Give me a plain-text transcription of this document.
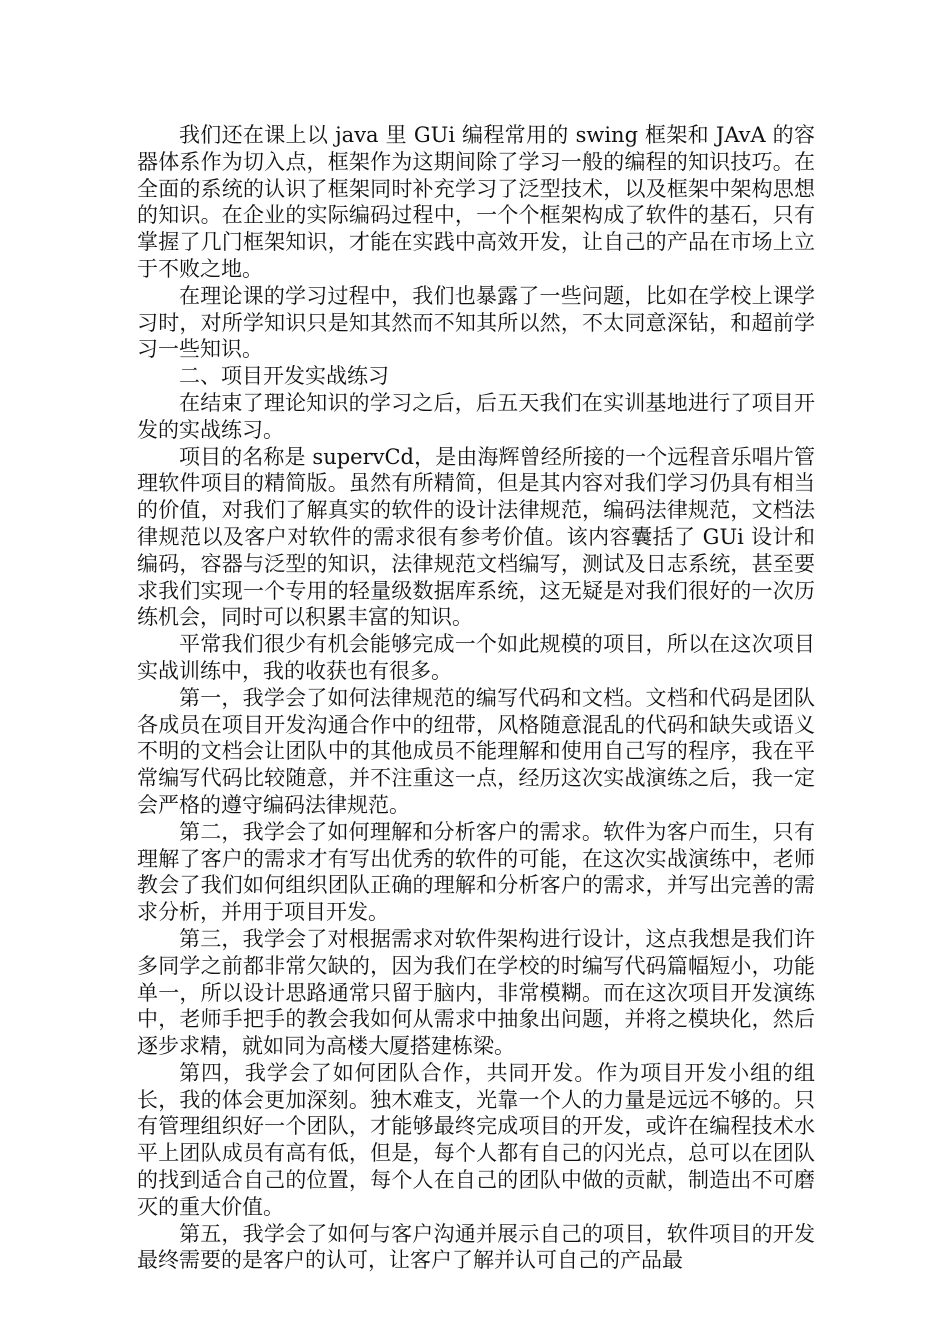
我们还在课上以 java 里 GUi 编程常用的 swing 框架和 JAvA 的容器体系作为切入点，框架作为这期间除了学习一般的编程的知识技巧。在全面的系统的认识了框架同时补充学习了泛型技术，以及框架中架构思想的知识。在企业的实际编码过程中，一个个框架构成了软件的基石，只有掌握了几门框架知识，才能在实践中高效开发，让自己的产品在市场上立于不败之地。

在理论课的学习过程中，我们也暴露了一些问题，比如在学校上课学习时，对所学知识只是知其然而不知其所以然，不太同意深钻，和超前学习一些知识。

二、项目开发实战练习

在结束了理论知识的学习之后，后五天我们在实训基地进行了项目开发的实战练习。

项目的名称是 supervCd，是由海辉曾经所接的一个远程音乐唱片管理软件项目的精简版。虽然有所精简，但是其内容对我们学习仍具有相当的价值，对我们了解真实的软件的设计法律规范，编码法律规范，文档法律规范以及客户对软件的需求很有参考价值。该内容囊括了 GUi 设计和编码，容器与泛型的知识，法律规范文档编写，测试及日志系统，甚至要求我们实现一个专用的轻量级数据库系统，这无疑是对我们很好的一次历练机会，同时可以积累丰富的知识。

平常我们很少有机会能够完成一个如此规模的项目，所以在这次项目实战训练中，我的收获也有很多。

第一，我学会了如何法律规范的编写代码和文档。文档和代码是团队各成员在项目开发沟通合作中的纽带，风格随意混乱的代码和缺失或语义不明的文档会让团队中的其他成员不能理解和使用自己写的程序，我在平常编写代码比较随意，并不注重这一点，经历这次实战演练之后，我一定会严格的遵守编码法律规范。

第二，我学会了如何理解和分析客户的需求。软件为客户而生，只有理解了客户的需求才有写出优秀的软件的可能，在这次实战演练中，老师教会了我们如何组织团队正确的理解和分析客户的需求，并写出完善的需求分析，并用于项目开发。

第三，我学会了对根据需求对软件架构进行设计，这点我想是我们许多同学之前都非常欠缺的，因为我们在学校的时编写代码篇幅短小，功能单一，所以设计思路通常只留于脑内，非常模糊。而在这次项目开发演练中，老师手把手的教会我如何从需求中抽象出问题，并将之模块化，然后逐步求精，就如同为高楼大厦搭建栋梁。

第四，我学会了如何团队合作，共同开发。作为项目开发小组的组长，我的体会更加深刻。独木难支，光靠一个人的力量是远远不够的。只有管理组织好一个团队，才能够最终完成项目的开发，或许在编程技术水平上团队成员有高有低，但是，每个人都有自己的闪光点，总可以在团队的找到适合自己的位置，每个人在自己的团队中做的贡献，制造出不可磨灭的重大价值。

第五，我学会了如何与客户沟通并展示自己的项目，软件项目的开发最终需要的是客户的认可，让客户了解并认可自己的产品最
